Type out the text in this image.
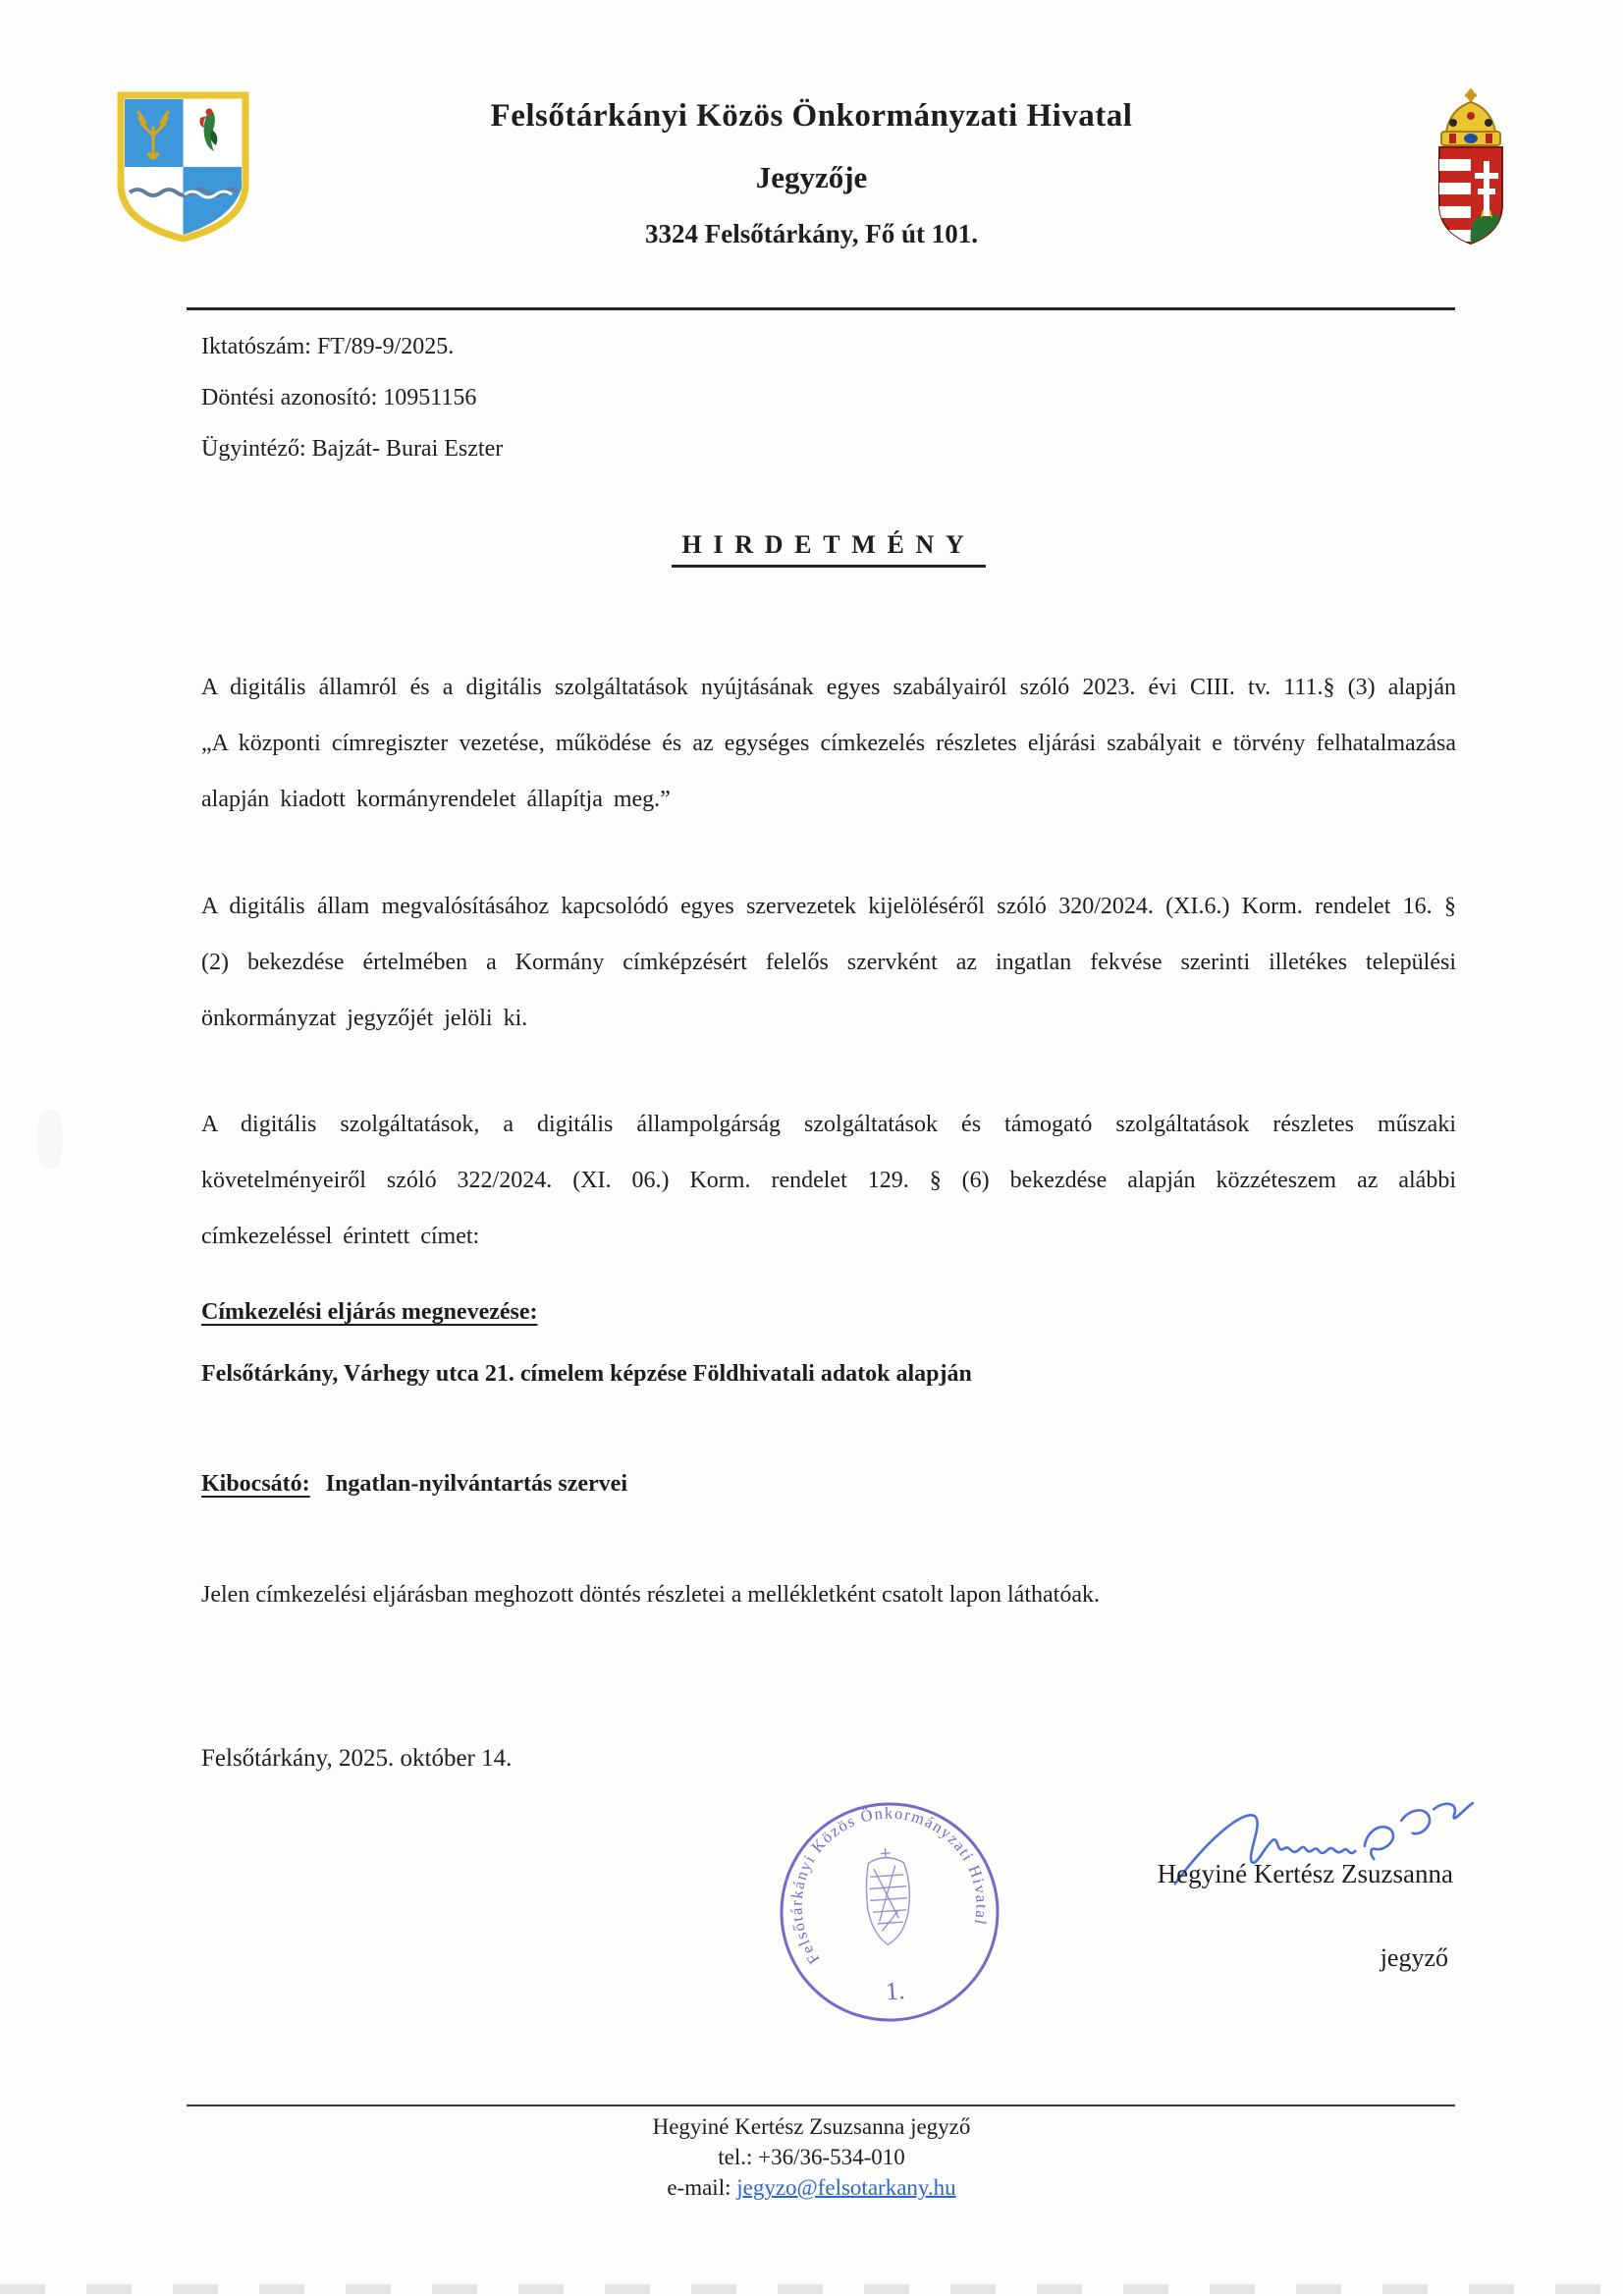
Felsőtárkányi Közös Önkormányzati Hivatal
Jegyzője
3324 Felsőtárkány, Fő út 101.
Iktatószám: FT/89-9/2025.
Döntési azonosító: 10951156
Ügyintéző: Bajzát- Burai Eszter
HIRDETMÉNY

A digitális államról és a digitális szolgáltatások nyújtásának egyes szabályairól szóló 2023. évi CIII. tv. 111.§ (3) alapján „A központi címregiszter vezetése, működése és az egységes címkezelés részletes eljárási szabályait e törvény felhatalmazása alapján kiadott kormányrendelet állapítja meg.”

A digitális állam megvalósításához kapcsolódó egyes szervezetek kijelöléséről szóló 320/2024. (XI.6.) Korm. rendelet 16. § (2) bekezdése értelmében a Kormány címképzésért felelős szervként az ingatlan fekvése szerinti illetékes települési önkormányzat jegyzőjét jelöli ki.

A digitális szolgáltatások, a digitális állampolgárság szolgáltatások és támogató szolgáltatások részletes műszaki követelményeiről szóló 322/2024. (XI. 06.) Korm. rendelet 129. § (6) bekezdése alapján közzéteszem az alábbi címkezeléssel érintett címet:

Címkezelési eljárás megnevezése:
Felsőtárkány, Várhegy utca 21. címelem képzése Földhivatali adatok alapján
Kibocsátó: Ingatlan-nyilvántartás szervei
Jelen címkezelési eljárásban meghozott döntés részletei a mellékletként csatolt lapon láthatóak.
Felsőtárkány, 2025. október 14.
Felsőtárkányi Közös Önkormányzati Hivatal
1.
Hegyiné Kertész Zsuzsanna
jegyző
Hegyiné Kertész Zsuzsanna jegyző
tel.: +36/36-534-010
e-mail: jegyzo@felsotarkany.hu
